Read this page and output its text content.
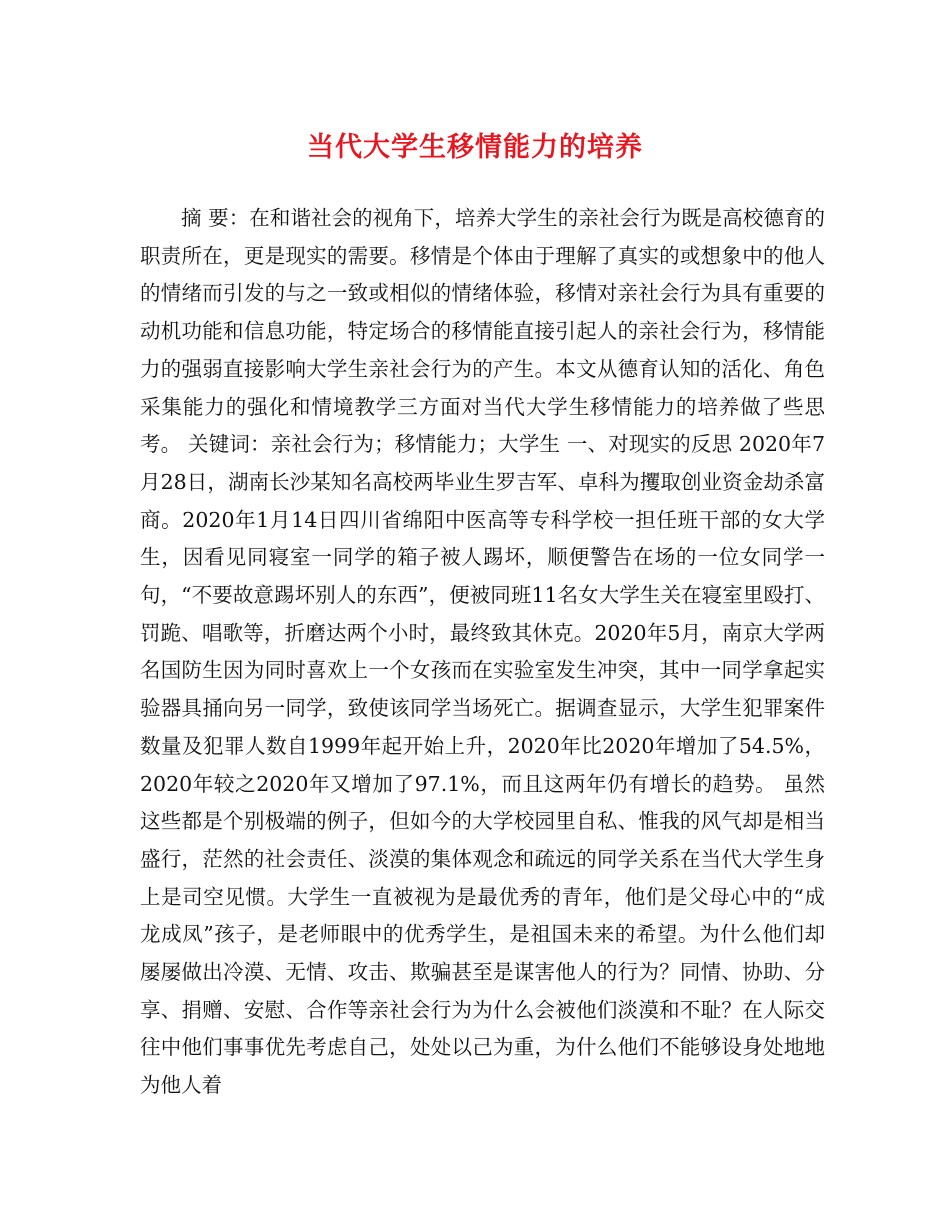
当代大学生移情能力的培养

摘 要：在和谐社会的视角下，培养大学生的亲社会行为既是高校德育的职责所在，更是现实的需要。移情是个体由于理解了真实的或想象中的他人的情绪而引发的与之一致或相似的情绪体验，移情对亲社会行为具有重要的动机功能和信息功能，特定场合的移情能直接引起人的亲社会行为，移情能力的强弱直接影响大学生亲社会行为的产生。本文从德育认知的活化、角色采集能力的强化和情境教学三方面对当代大学生移情能力的培养做了些思考。 关键词：亲社会行为；移情能力；大学生 一、对现实的反思 2020年7月28日，湖南长沙某知名高校两毕业生罗吉军、卓科为攫取创业资金劫杀富商。2020年1月14日四川省绵阳中医高等专科学校一担任班干部的女大学生，因看见同寝室一同学的箱子被人踢坏，顺便警告在场的一位女同学一句，“不要故意踢坏别人的东西”，便被同班11名女大学生关在寝室里殴打、罚跪、唱歌等，折磨达两个小时，最终致其休克。2020年5月，南京大学两名国防生因为同时喜欢上一个女孩而在实验室发生冲突，其中一同学拿起实验器具捅向另一同学，致使该同学当场死亡。据调查显示，大学生犯罪案件数量及犯罪人数自1999年起开始上升，2020年比2020年增加了54.5%，2020年较之2020年又增加了97.1%，而且这两年仍有增长的趋势。 虽然这些都是个别极端的例子，但如今的大学校园里自私、惟我的风气却是相当盛行，茫然的社会责任、淡漠的集体观念和疏远的同学关系在当代大学生身上是司空见惯。大学生一直被视为是最优秀的青年，他们是父母心中的“成龙成凤”孩子，是老师眼中的优秀学生，是祖国未来的希望。为什么他们却屡屡做出冷漠、无情、攻击、欺骗甚至是谋害他人的行为？同情、协助、分享、捐赠、安慰、合作等亲社会行为为什么会被他们淡漠和不耻？在人际交往中他们事事优先考虑自己，处处以己为重，为什么他们不能够设身处地地为他人着
